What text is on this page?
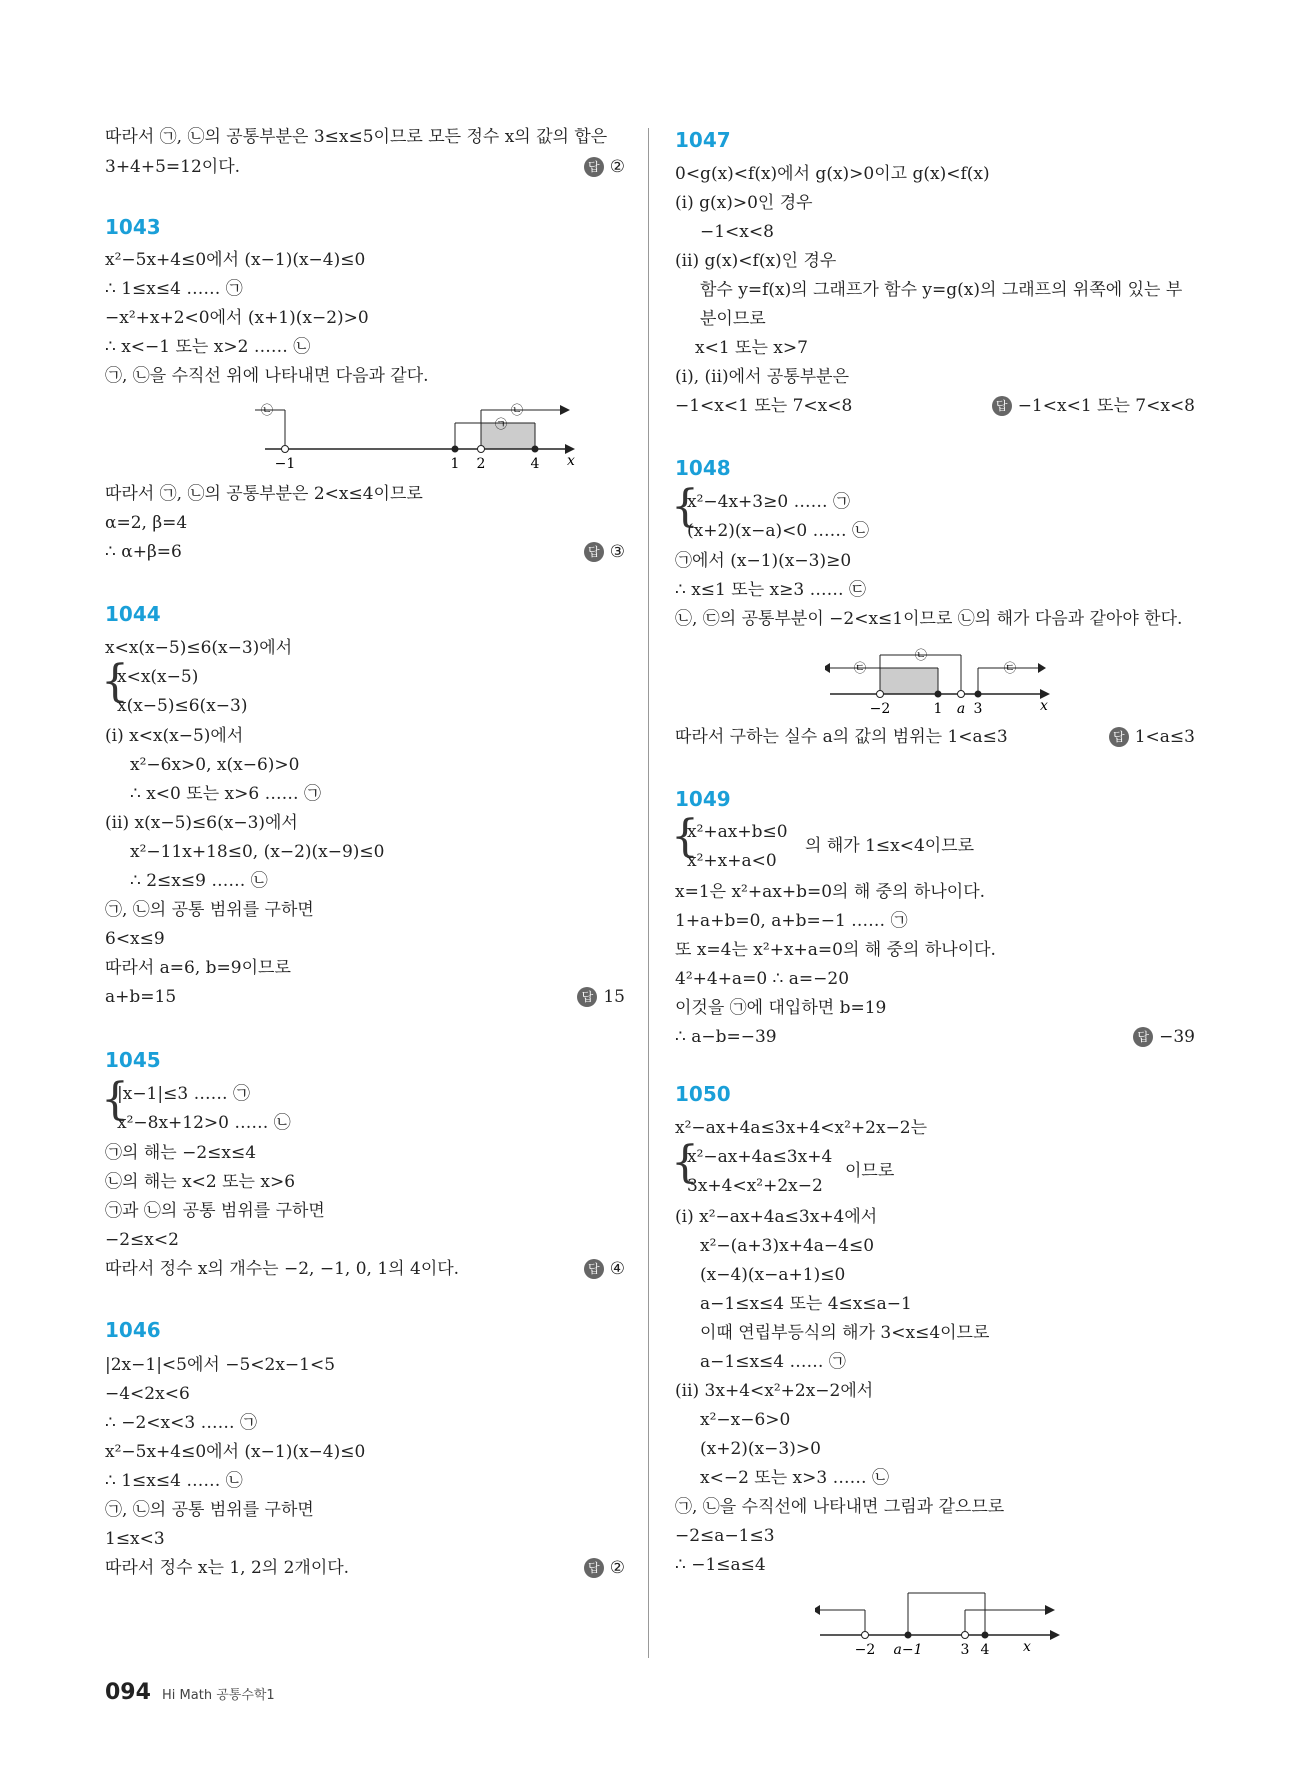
따라서 ㉠, ㉡의 공통부분은 3≤x≤5이므로 모든 정수 x의 값의 합은
3+4+5=12이다.	답 ②
1043
x²−5x+4≤0에서 (x−1)(x−4)≤0
∴ 1≤x≤4 …… ㉠
−x²+x+2<0에서 (x+1)(x−2)>0
∴ x<−1 또는 x>2 …… ㉡
㉠, ㉡을 수직선 위에 나타내면 다음과 같다.
−1	1 2	4 x
㉡	㉡
㉠
따라서 ㉠, ㉡의 공통부분은 2<x≤4이므로
α=2, β=4
∴ α+β=6	답 ③
1044
x<x(x−5)≤6(x−3)에서
{
x<x(x−5)
x(x−5)≤6(x−3)
(ⅰ) x<x(x−5)에서
x²−6x>0, x(x−6)>0
∴ x<0 또는 x>6 …… ㉠
(ⅱ) x(x−5)≤6(x−3)에서
x²−11x+18≤0, (x−2)(x−9)≤0
∴ 2≤x≤9 …… ㉡
㉠, ㉡의 공통 범위를 구하면
6<x≤9
따라서 a=6, b=9이므로
a+b=15	답 15
1045
{
|x−1|≤3 …… ㉠
x²−8x+12>0 …… ㉡
㉠의 해는 −2≤x≤4
㉡의 해는 x<2 또는 x>6
㉠과 ㉡의 공통 범위를 구하면
−2≤x<2
따라서 정수 x의 개수는 −2, −1, 0, 1의 4이다.	답 ④
1046
|2x−1|<5에서 −5<2x−1<5
−4<2x<6
∴ −2<x<3 …… ㉠
x²−5x+4≤0에서 (x−1)(x−4)≤0
∴ 1≤x≤4 …… ㉡
㉠, ㉡의 공통 범위를 구하면
1≤x<3
따라서 정수 x는 1, 2의 2개이다.	답 ②
1047
0<g(x)<f(x)에서 g(x)>0이고 g(x)<f(x)
(ⅰ) g(x)>0인 경우
−1<x<8
(ⅱ) g(x)<f(x)인 경우
함수 y=f(x)의 그래프가 함수 y=g(x)의 그래프의 위쪽에 있는 부
분이므로
x<1 또는 x>7
(ⅰ), (ⅱ)에서 공통부분은
−1<x<1 또는 7<x<8	답 −1<x<1 또는 7<x<8
1048
{
x²−4x+3≥0 …… ㉠
(x+2)(x−a)<0 …… ㉡
㉠에서 (x−1)(x−3)≥0
∴ x≤1 또는 x≥3 …… ㉢
㉡, ㉢의 공통부분이 −2<x≤1이므로 ㉡의 해가 다음과 같아야 한다.
−2	1 a 3	x
㉢
㉡
㉢
따라서 구하는 실수 a의 값의 범위는 1<a≤3	답 1<a≤3
1049
{
x²+ax+b≤0
x²+x+a<0
의 해가 1≤x<4이므로
x=1은 x²+ax+b=0의 해 중의 하나이다.
1+a+b=0, a+b=−1 …… ㉠
또 x=4는 x²+x+a=0의 해 중의 하나이다.
4²+4+a=0 ∴ a=−20
이것을 ㉠에 대입하면 b=19
∴ a−b=−39	답 −39
1050
x²−ax+4a≤3x+4<x²+2x−2는
{
x²−ax+4a≤3x+4
3x+4<x²+2x−2
이므로
(ⅰ) x²−ax+4a≤3x+4에서
x²−(a+3)x+4a−4≤0
(x−4)(x−a+1)≤0
a−1≤x≤4 또는 4≤x≤a−1
이때 연립부등식의 해가 3<x≤4이므로
a−1≤x≤4 …… ㉠
(ⅱ) 3x+4<x²+2x−2에서
x²−x−6>0
(x+2)(x−3)>0
x<−2 또는 x>3 …… ㉡
㉠, ㉡을 수직선에 나타내면 그림과 같으므로
−2≤a−1≤3
∴ −1≤a≤4
−2 a−1	3 4 x
094 Hi Math 공통수학1
